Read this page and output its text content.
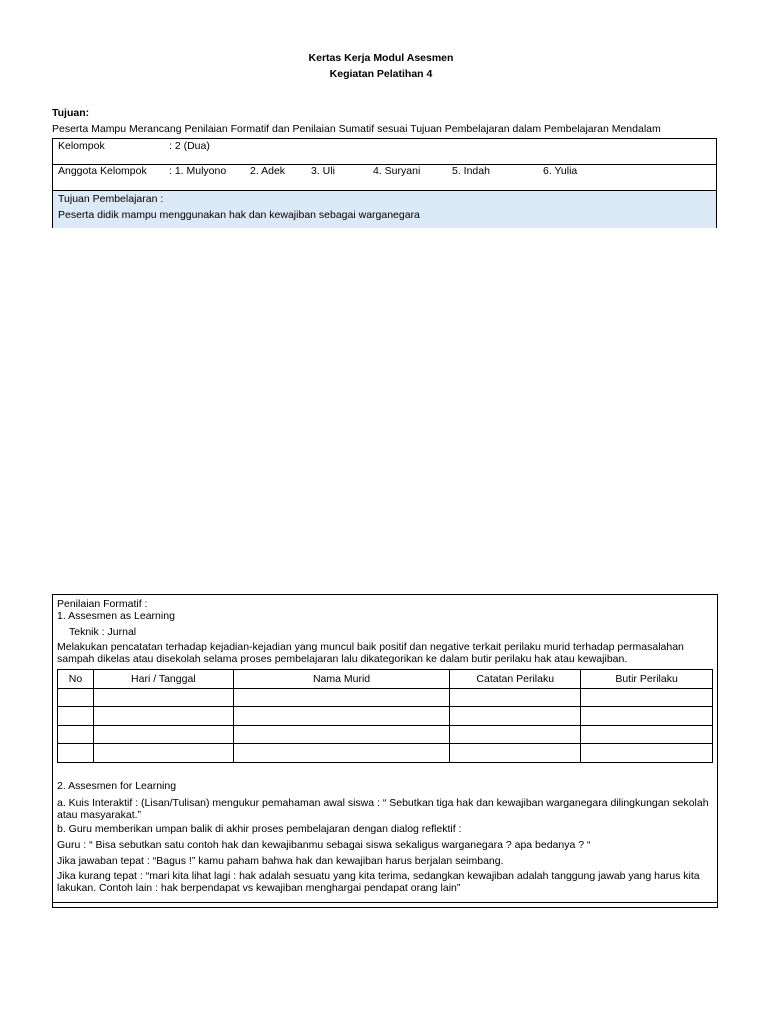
Kertas Kerja Modul Asesmen
Kegiatan Pelatihan 4
Tujuan:
Peserta Mampu Merancang Penilaian Formatif dan Penilaian Sumatif sesuai Tujuan Pembelajaran dalam Pembelajaran Mendalam
Kelompok	: 2 (Dua)
Anggota Kelompok : 1. Mulyono 2. Adek 3. Uli	4. Suryani	5. Indah	6. Yulia
Tujuan Pembelajaran :
Peserta didik mampu menggunakan hak dan kewajiban sebagai warganegara
Penilaian Formatif :
1. Assesmen as Learning
Teknik : Jurnal
Melakukan pencatatan terhadap kejadian-kejadian yang muncul baik positif dan negative terkait perilaku murid terhadap permasalahan sampah dikelas atau disekolah selama proses pembelajaran lalu dikategorikan ke dalam butir perilaku hak atau kewajiban.
No	Hari / Tanggal	Nama Murid	Catatan Perilaku	Butir Perilaku

2. Assesmen for Learning
a. Kuis Interaktif : (Lisan/Tulisan) mengukur pemahaman awal siswa : “ Sebutkan tiga hak dan kewajiban warganegara dilingkungan sekolah atau masyarakat.”
b. Guru memberikan umpan balik di akhir proses pembelajaran dengan dialog reflektif :
Guru : “ Bisa sebutkan satu contoh hak dan kewajibanmu sebagai siswa sekaligus warganegara ? apa bedanya ? “
Jika jawaban tepat : “Bagus !” kamu paham bahwa hak dan kewajiban harus berjalan seimbang.
Jika kurang tepat : “mari kita lihat lagi : hak adalah sesuatu yang kita terima, sedangkan kewajiban adalah tanggung jawab yang harus kita lakukan. Contoh lain : hak berpendapat vs kewajiban menghargai pendapat orang lain”
